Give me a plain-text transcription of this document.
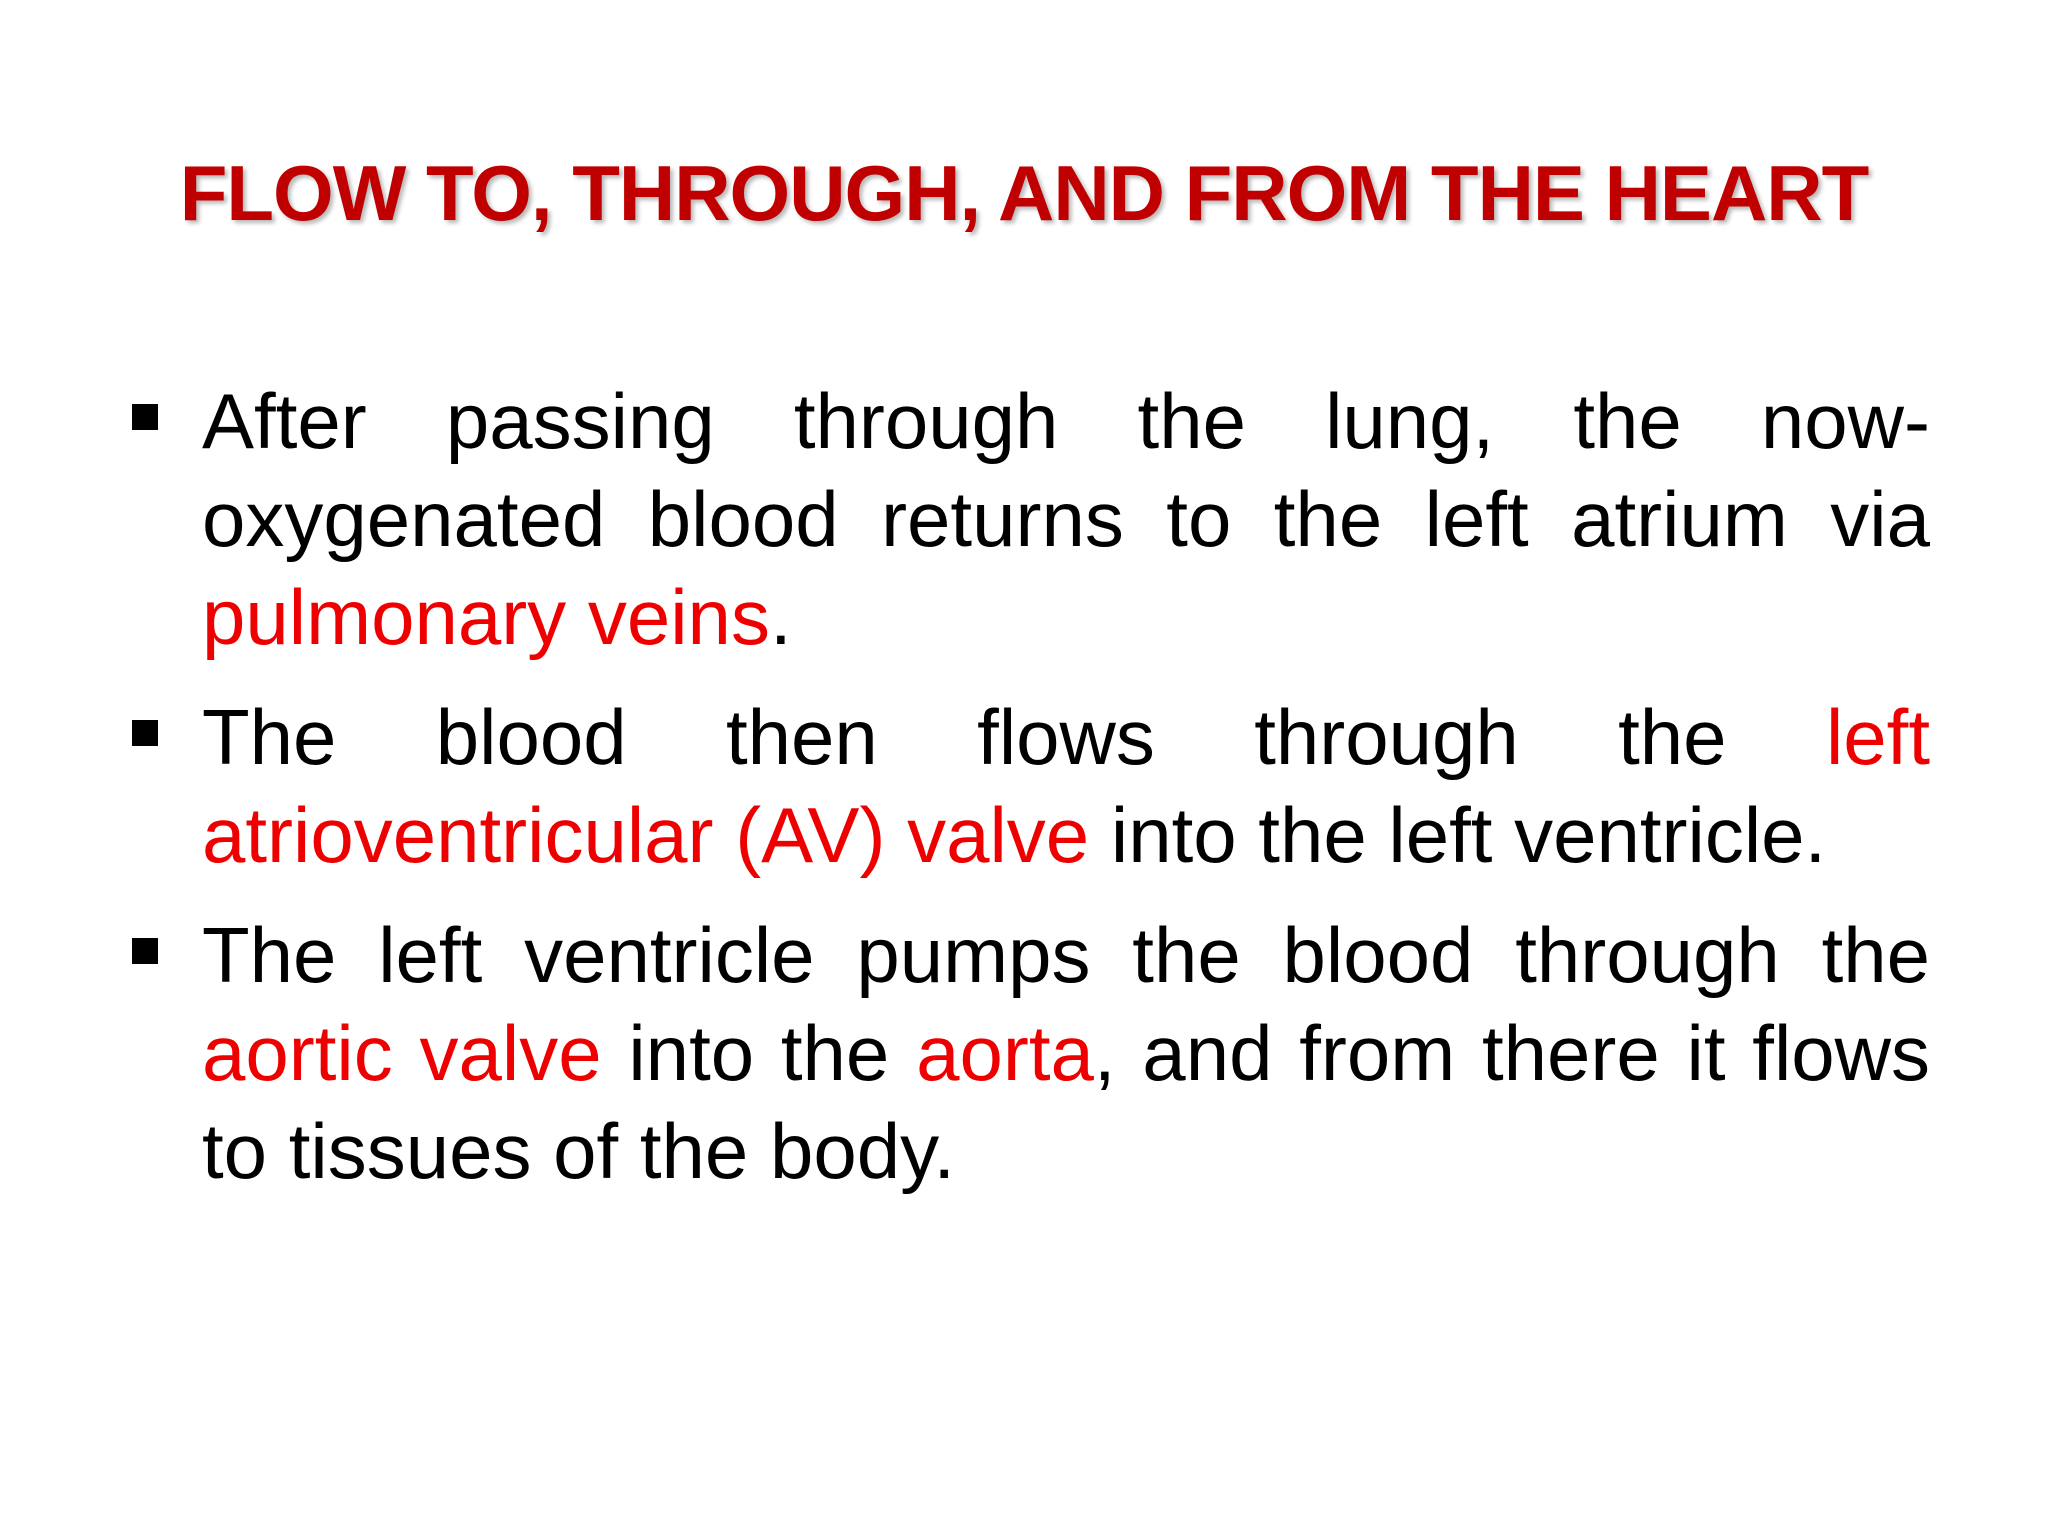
FLOW TO, THROUGH, AND FROM THE HEART
After passing through the lung, the now-oxygenated blood returns to the left atrium via pulmonary veins.
The blood then flows through the left atrioventricular (AV) valve into the left ventricle.
The left ventricle pumps the blood through the aortic valve into the aorta, and from there it flows to tissues of the body.
